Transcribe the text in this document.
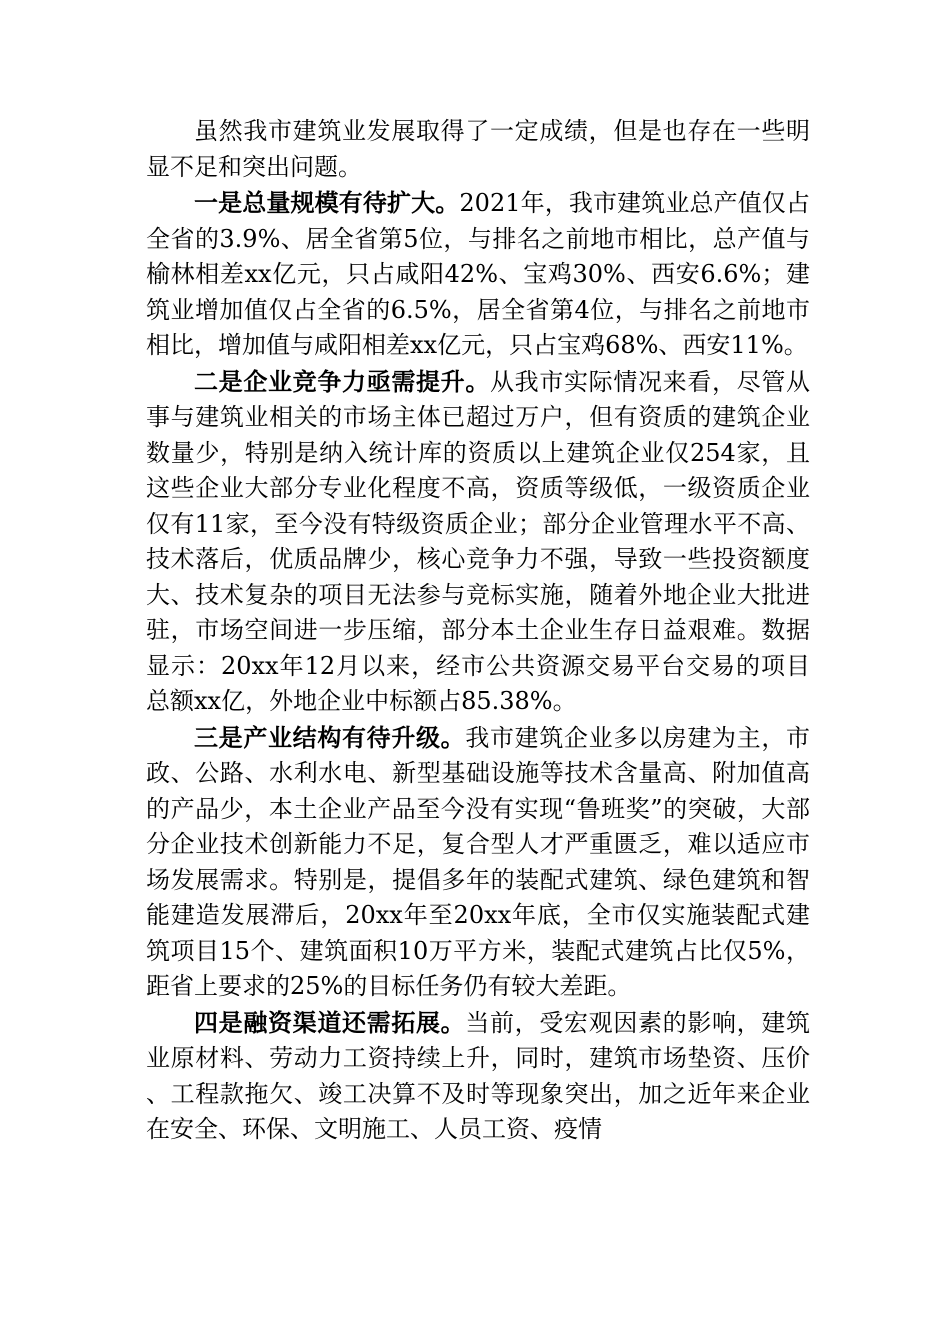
虽然我市建筑业发展取得了一定成绩，但是也存在一些明显不足和突出问题。

一是总量规模有待扩大。2021年，我市建筑业总产值仅占全省的3.9%、居全省第5位，与排名之前地市相比，总产值与榆林相差xx亿元，只占咸阳42%、宝鸡30%、西安6.6%；建筑业增加值仅占全省的6.5%，居全省第4位，与排名之前地市相比，增加值与咸阳相差xx亿元，只占宝鸡68%、西安11%。

二是企业竞争力亟需提升。从我市实际情况来看，尽管从事与建筑业相关的市场主体已超过万户，但有资质的建筑企业数量少，特别是纳入统计库的资质以上建筑企业仅254家，且这些企业大部分专业化程度不高，资质等级低，一级资质企业仅有11家，至今没有特级资质企业；部分企业管理水平不高、技术落后，优质品牌少，核心竞争力不强，导致一些投资额度大、技术复杂的项目无法参与竞标实施，随着外地企业大批进驻，市场空间进一步压缩，部分本土企业生存日益艰难。数据显示：20xx年12月以来，经市公共资源交易平台交易的项目总额xx亿，外地企业中标额占85.38%。

三是产业结构有待升级。我市建筑企业多以房建为主，市政、公路、水利水电、新型基础设施等技术含量高、附加值高的产品少，本土企业产品至今没有实现“鲁班奖”的突破，大部分企业技术创新能力不足，复合型人才严重匮乏，难以适应市场发展需求。特别是，提倡多年的装配式建筑、绿色建筑和智能建造发展滞后，20xx年至20xx年底，全市仅实施装配式建筑项目15个、建筑面积10万平方米，装配式建筑占比仅5%，距省上要求的25%的目标任务仍有较大差距。

四是融资渠道还需拓展。当前，受宏观因素的影响，建筑业原材料、劳动力工资持续上升，同时，建筑市场垫资、压价、工程款拖欠、竣工决算不及时等现象突出，加之近年来企业在安全、环保、文明施工、人员工资、疫情
